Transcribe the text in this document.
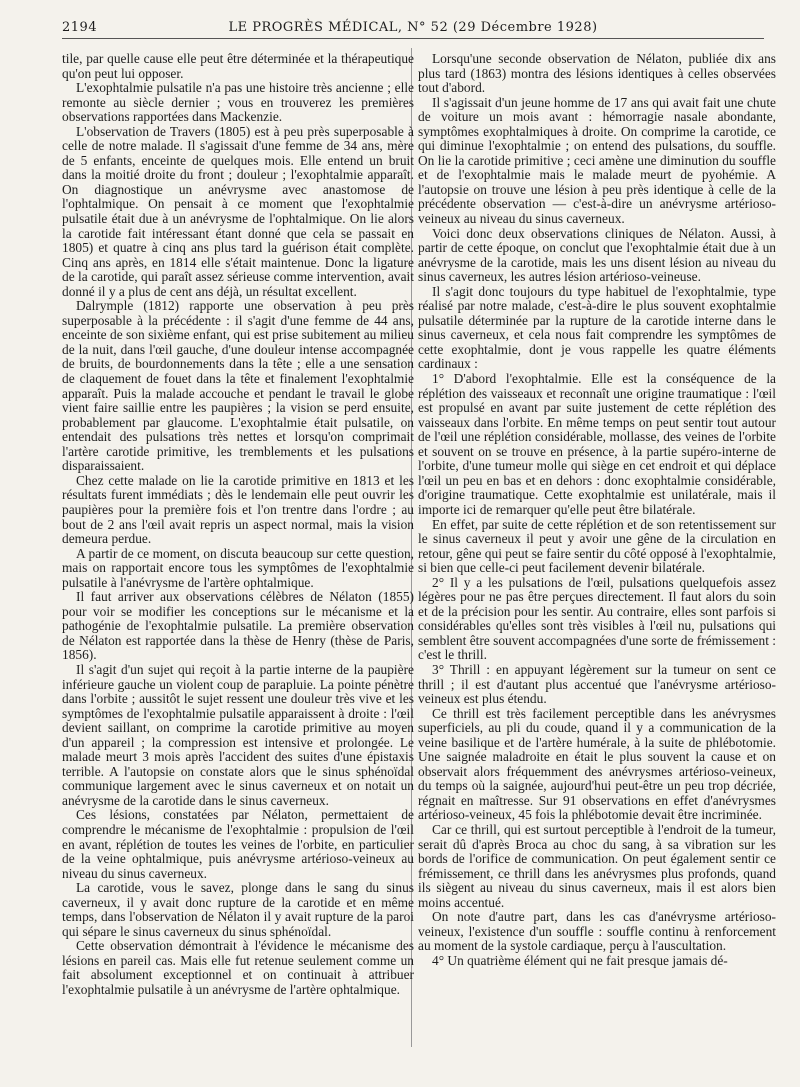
2194	LE PROGRÈS MÉDICAL, N° 52 (29 Décembre 1928)

tile, par quelle cause elle peut être déterminée et la thérapeutique qu'on peut lui opposer.

L'exophtalmie pulsatile n'a pas une histoire très ancienne ; elle remonte au siècle dernier ; vous en trouverez les premières observations rapportées dans Mackenzie.

L'observation de Travers (1805) est à peu près superposable à celle de notre malade. Il s'agissait d'une femme de 34 ans, mère de 5 enfants, enceinte de quelques mois. Elle entend un bruit dans la moitié droite du front ; douleur ; l'exophtalmie apparaît. On diagnostique un anévrysme avec anastomose de l'ophtalmique. On pensait à ce moment que l'exophtalmie pulsatile était due à un anévrysme de l'ophtalmique. On lie alors la carotide fait intéressant étant donné que cela se passait en 1805) et quatre à cinq ans plus tard la guérison était complète. Cinq ans après, en 1814 elle s'était maintenue. Donc la ligature de la carotide, qui paraît assez sérieuse comme intervention, avait donné il y a plus de cent ans déjà, un résultat excellent.

Dalrymple (1812) rapporte une observation à peu près superposable à la précédente : il s'agit d'une femme de 44 ans, enceinte de son sixième enfant, qui est prise subitement au milieu de la nuit, dans l'œil gauche, d'une douleur intense accompagnée de bruits, de bourdonnements dans la tête ; elle a une sensation de claquement de fouet dans la tête et finalement l'exophtalmie apparaît. Puis la malade accouche et pendant le travail le globe vient faire saillie entre les paupières ; la vision se perd ensuite, probablement par glaucome. L'exophtalmie était pulsatile, on entendait des pulsations très nettes et lorsqu'on comprimait l'artère carotide primitive, les tremblements et les pulsations disparaissaient.

Chez cette malade on lie la carotide primitive en 1813 et les résultats furent immédiats ; dès le lendemain elle peut ouvrir les paupières pour la première fois et l'on trentre dans l'ordre ; au bout de 2 ans l'œil avait repris un aspect normal, mais la vision demeura perdue.

A partir de ce moment, on discuta beaucoup sur cette question, mais on rapportait encore tous les symptômes de l'exophtalmie pulsatile à l'anévrysme de l'artère ophtalmique.

Il faut arriver aux observations célèbres de Nélaton (1855) pour voir se modifier les conceptions sur le mécanisme et la pathogénie de l'exophtalmie pulsatile. La première observation de Nélaton est rapportée dans la thèse de Henry (thèse de Paris, 1856).

Il s'agit d'un sujet qui reçoit à la partie interne de la paupière inférieure gauche un violent coup de parapluie. La pointe pénètre dans l'orbite ; aussitôt le sujet ressent une douleur très vive et les symptômes de l'exophtalmie pulsatile apparaissent à droite : l'œil devient saillant, on comprime la carotide primitive au moyen d'un appareil ; la compression est intensive et prolongée. Le malade meurt 3 mois après l'accident des suites d'une épistaxis terrible. A l'autopsie on constate alors que le sinus sphénoïdal communique largement avec le sinus caverneux et on notait un anévrysme de la carotide dans le sinus caverneux.

Ces lésions, constatées par Nélaton, permettaient de comprendre le mécanisme de l'exophtalmie : propulsion de l'œil en avant, réplétion de toutes les veines de l'orbite, en particulier de la veine ophtalmique, puis anévrysme artérioso-veineux au niveau du sinus caverneux.

La carotide, vous le savez, plonge dans le sang du sinus caverneux, il y avait donc rupture de la carotide et en même temps, dans l'observation de Nélaton il y avait rupture de la paroi qui sépare le sinus caverneux du sinus sphénoïdal.

Cette observation démontrait à l'évidence le mécanisme des lésions en pareil cas. Mais elle fut retenue seulement comme un fait absolument exceptionnel et on continuait à attribuer l'exophtalmie pulsatile à un anévrysme de l'artère ophtalmique.

Lorsqu'une seconde observation de Nélaton, publiée dix ans plus tard (1863) montra des lésions identiques à celles observées tout d'abord.

Il s'agissait d'un jeune homme de 17 ans qui avait fait une chute de voiture un mois avant : hémorragie nasale abondante, symptômes exophtalmiques à droite. On comprime la carotide, ce qui diminue l'exophtalmie ; on entend des pulsations, du souffle. On lie la carotide primitive ; ceci amène une diminution du souffle et de l'exophtalmie mais le malade meurt de pyohémie. A l'autopsie on trouve une lésion à peu près identique à celle de la précédente observation — c'est-à-dire un anévrysme artérioso-veineux au niveau du sinus caverneux.

Voici donc deux observations cliniques de Nélaton. Aussi, à partir de cette époque, on conclut que l'exophtalmie était due à un anévrysme de la carotide, mais les uns disent lésion au niveau du sinus caverneux, les autres lésion artérioso-veineuse.

Il s'agit donc toujours du type habituel de l'exophtalmie, type réalisé par notre malade, c'est-à-dire le plus souvent exophtalmie pulsatile déterminée par la rupture de la carotide interne dans le sinus caverneux, et cela nous fait comprendre les symptômes de cette exophtalmie, dont je vous rappelle les quatre éléments cardinaux :

1° D'abord l'exophtalmie. Elle est la conséquence de la réplétion des vaisseaux et reconnaît une origine traumatique : l'œil est propulsé en avant par suite justement de cette réplétion des vaisseaux dans l'orbite. En même temps on peut sentir tout autour de l'œil une réplétion considérable, mollasse, des veines de l'orbite et souvent on se trouve en présence, à la partie supéro-interne de l'orbite, d'une tumeur molle qui siège en cet endroit et qui déplace l'œil un peu en bas et en dehors : donc exophtalmie considérable, d'origine traumatique. Cette exophtalmie est unilatérale, mais il importe ici de remarquer qu'elle peut être bilatérale.

En effet, par suite de cette réplétion et de son retentissement sur le sinus caverneux il peut y avoir une gêne de la circulation en retour, gêne qui peut se faire sentir du côté opposé à l'exophtalmie, si bien que celle-ci peut facilement devenir bilatérale.

2° Il y a les pulsations de l'œil, pulsations quelquefois assez légères pour ne pas être perçues directement. Il faut alors du soin et de la précision pour les sentir. Au contraire, elles sont parfois si considérables qu'elles sont très visibles à l'œil nu, pulsations qui semblent être souvent accompagnées d'une sorte de frémissement : c'est le thrill.

3° Thrill : en appuyant légèrement sur la tumeur on sent ce thrill ; il est d'autant plus accentué que l'anévrysme artérioso-veineux est plus étendu.

Ce thrill est très facilement perceptible dans les anévrysmes superficiels, au pli du coude, quand il y a communication de la veine basilique et de l'artère humérale, à la suite de phlébotomie. Une saignée maladroite en était le plus souvent la cause et on observait alors fréquemment des anévrysmes artérioso-veineux, du temps où la saignée, aujourd'hui peut-être un peu trop décriée, régnait en maîtresse. Sur 91 observations en effet d'anévrysmes artérioso-veineux, 45 fois la phlébotomie devait être incriminée.

Car ce thrill, qui est surtout perceptible à l'endroit de la tumeur, serait dû d'après Broca au choc du sang, à sa vibration sur les bords de l'orifice de communication. On peut également sentir ce frémissement, ce thrill dans les anévrysmes plus profonds, quand ils siègent au niveau du sinus caverneux, mais il est alors bien moins accentué.

On note d'autre part, dans les cas d'anévrysme artérioso-veineux, l'existence d'un souffle : souffle continu à renforcement au moment de la systole cardiaque, perçu à l'auscultation.

4° Un quatrième élément qui ne fait presque jamais dé-
